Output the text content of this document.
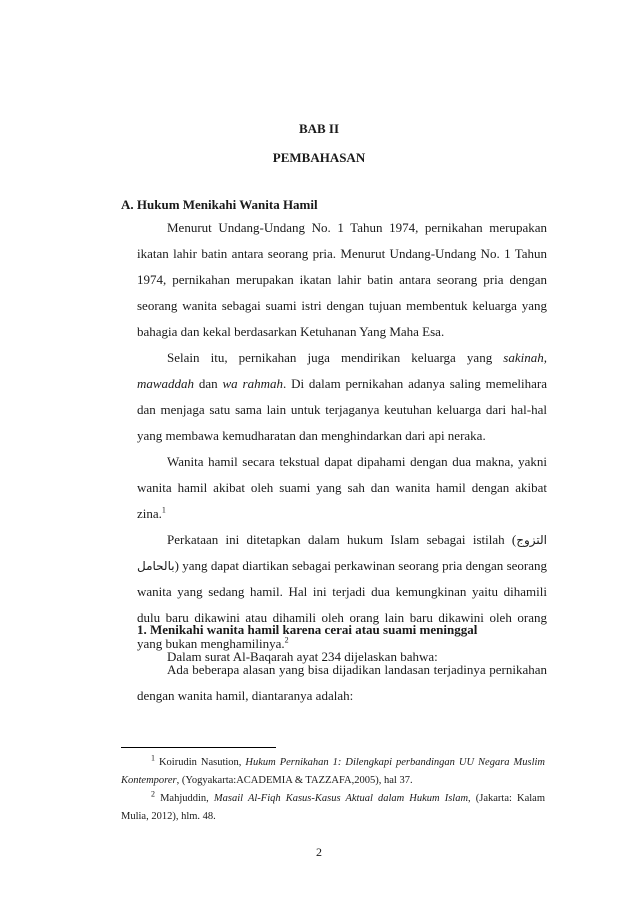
BAB II
PEMBAHASAN
A. Hukum Menikahi Wanita Hamil

Menurut Undang-Undang No. 1 Tahun 1974, pernikahan merupakan ikatan lahir batin antara seorang pria. Menurut Undang-Undang No. 1 Tahun 1974, pernikahan merupakan ikatan lahir batin antara seorang pria dengan seorang wanita sebagai suami istri dengan tujuan membentuk keluarga yang bahagia dan kekal berdasarkan Ketuhanan Yang Maha Esa.

Selain itu, pernikahan juga mendirikan keluarga yang sakinah, mawaddah dan wa rahmah. Di dalam pernikahan adanya saling memelihara dan menjaga satu sama lain untuk terjaganya keutuhan keluarga dari hal-hal yang membawa kemudharatan dan menghindarkan dari api neraka.

Wanita hamil secara tekstual dapat dipahami dengan dua makna, yakni wanita hamil akibat oleh suami yang sah dan wanita hamil dengan akibat zina.$^1$

Perkataan ini ditetapkan dalam hukum Islam sebagai istilah (التزوج بالحامل) yang dapat diartikan sebagai perkawinan seorang pria dengan seorang wanita yang sedang hamil. Hal ini terjadi dua kemungkinan yaitu dihamili dulu baru dikawini atau dihamili oleh orang lain baru dikawini oleh orang yang bukan menghamilinya.$^2$

Ada beberapa alasan yang bisa dijadikan landasan terjadinya pernikahan dengan wanita hamil, diantaranya adalah:

1. Menikahi wanita hamil karena cerai atau suami meninggal
Dalam surat Al-Baqarah ayat 234 dijelaskan bahwa:

$^1$ Koirudin Nasution, Hukum Pernikahan 1: Dilengkapi perbandingan UU Negara Muslim Kontemporer, (Yogyakarta:ACADEMIA & TAZZAFA,2005), hal 37.

$^2$ Mahjuddin, Masail Al-Fiqh Kasus-Kasus Aktual dalam Hukum Islam, (Jakarta: Kalam Mulia, 2012), hlm. 48.

2
